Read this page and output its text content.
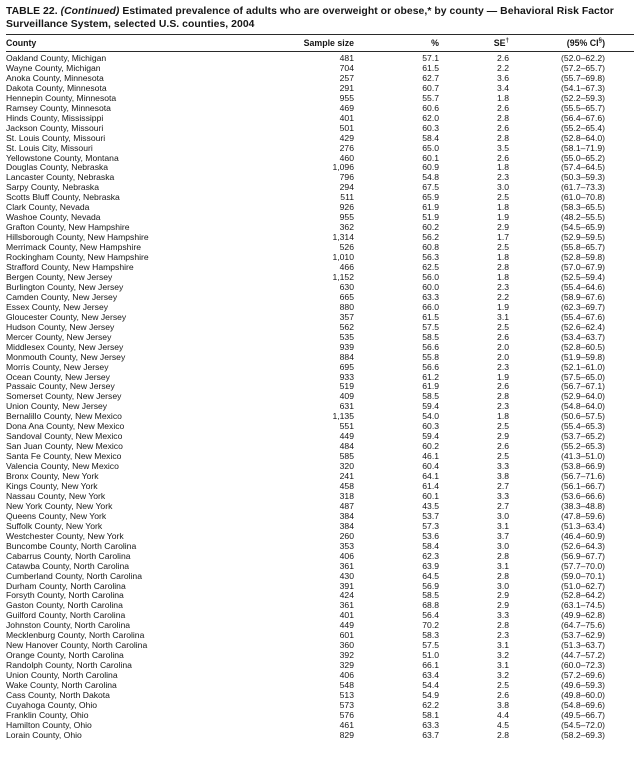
TABLE 22. (Continued) Estimated prevalence of adults who are overweight or obese,* by county — Behavioral Risk Factor
Surveillance System, selected U.S. counties, 2004
County	Sample size	%	SE†	(95% CI§)
Oakland County, Michigan	481	57.1	2.6	(52.0–62.2)
Wayne County, Michigan	704	61.5	2.2	(57.2–65.7)
Anoka County, Minnesota	257	62.7	3.6	(55.7–69.8)
Dakota County, Minnesota	291	60.7	3.4	(54.1–67.3)
Hennepin County, Minnesota	955	55.7	1.8	(52.2–59.3)
Ramsey County, Minnesota	469	60.6	2.6	(55.5–65.7)
Hinds County, Mississippi	401	62.0	2.8	(56.4–67.6)
Jackson County, Missouri	501	60.3	2.6	(55.2–65.4)
St. Louis County, Missouri	429	58.4	2.8	(52.8–64.0)
St. Louis City, Missouri	276	65.0	3.5	(58.1–71.9)
Yellowstone County, Montana	460	60.1	2.6	(55.0–65.2)
Douglas County, Nebraska	1,096	60.9	1.8	(57.4–64.5)
Lancaster County, Nebraska	796	54.8	2.3	(50.3–59.3)
Sarpy County, Nebraska	294	67.5	3.0	(61.7–73.3)
Scotts Bluff County, Nebraska	511	65.9	2.5	(61.0–70.8)
Clark County, Nevada	926	61.9	1.8	(58.3–65.5)
Washoe County, Nevada	955	51.9	1.9	(48.2–55.5)
Grafton County, New Hampshire	362	60.2	2.9	(54.5–65.9)
Hillsborough County, New Hampshire	1,314	56.2	1.7	(52.9–59.5)
Merrimack County, New Hampshire	526	60.8	2.5	(55.8–65.7)
Rockingham County, New Hampshire	1,010	56.3	1.8	(52.8–59.8)
Strafford County, New Hampshire	466	62.5	2.8	(57.0–67.9)
Bergen County, New Jersey	1,152	56.0	1.8	(52.5–59.4)
Burlington County, New Jersey	630	60.0	2.3	(55.4–64.6)
Camden County, New Jersey	665	63.3	2.2	(58.9–67.6)
Essex County, New Jersey	880	66.0	1.9	(62.3–69.7)
Gloucester County, New Jersey	357	61.5	3.1	(55.4–67.6)
Hudson County, New Jersey	562	57.5	2.5	(52.6–62.4)
Mercer County, New Jersey	535	58.5	2.6	(53.4–63.7)
Middlesex County, New Jersey	939	56.6	2.0	(52.8–60.5)
Monmouth County, New Jersey	884	55.8	2.0	(51.9–59.8)
Morris County, New Jersey	695	56.6	2.3	(52.1–61.0)
Ocean County, New Jersey	933	61.2	1.9	(57.5–65.0)
Passaic County, New Jersey	519	61.9	2.6	(56.7–67.1)
Somerset County, New Jersey	409	58.5	2.8	(52.9–64.0)
Union County, New Jersey	631	59.4	2.3	(54.8–64.0)
Bernalillo County, New Mexico	1,135	54.0	1.8	(50.6–57.5)
Dona Ana County, New Mexico	551	60.3	2.5	(55.4–65.3)
Sandoval County, New Mexico	449	59.4	2.9	(53.7–65.2)
San Juan County, New Mexico	484	60.2	2.6	(55.2–65.3)
Santa Fe County, New Mexico	585	46.1	2.5	(41.3–51.0)
Valencia County, New Mexico	320	60.4	3.3	(53.8–66.9)
Bronx County, New York	241	64.1	3.8	(56.7–71.6)
Kings County, New York	458	61.4	2.7	(56.1–66.7)
Nassau County, New York	318	60.1	3.3	(53.6–66.6)
New York County, New York	487	43.5	2.7	(38.3–48.8)
Queens County, New York	384	53.7	3.0	(47.8–59.6)
Suffolk County, New York	384	57.3	3.1	(51.3–63.4)
Westchester County, New York	260	53.6	3.7	(46.4–60.9)
Buncombe County, North Carolina	353	58.4	3.0	(52.6–64.3)
Cabarrus County, North Carolina	406	62.3	2.8	(56.9–67.7)
Catawba County, North Carolina	361	63.9	3.1	(57.7–70.0)
Cumberland County, North Carolina	430	64.5	2.8	(59.0–70.1)
Durham County, North Carolina	391	56.9	3.0	(51.0–62.7)
Forsyth County, North Carolina	424	58.5	2.9	(52.8–64.2)
Gaston County, North Carolina	361	68.8	2.9	(63.1–74.5)
Guilford County, North Carolina	401	56.4	3.3	(49.9–62.8)
Johnston County, North Carolina	449	70.2	2.8	(64.7–75.6)
Mecklenburg County, North Carolina	601	58.3	2.3	(53.7–62.9)
New Hanover County, North Carolina	360	57.5	3.1	(51.3–63.7)
Orange County, North Carolina	392	51.0	3.2	(44.7–57.2)
Randolph County, North Carolina	329	66.1	3.1	(60.0–72.3)
Union County, North Carolina	406	63.4	3.2	(57.2–69.6)
Wake County, North Carolina	548	54.4	2.5	(49.6–59.3)
Cass County, North Dakota	513	54.9	2.6	(49.8–60.0)
Cuyahoga County, Ohio	573	62.2	3.8	(54.8–69.6)
Franklin County, Ohio	576	58.1	4.4	(49.5–66.7)
Hamilton County, Ohio	461	63.3	4.5	(54.5–72.0)
Lorain County, Ohio	829	63.7	2.8	(58.2–69.3)
